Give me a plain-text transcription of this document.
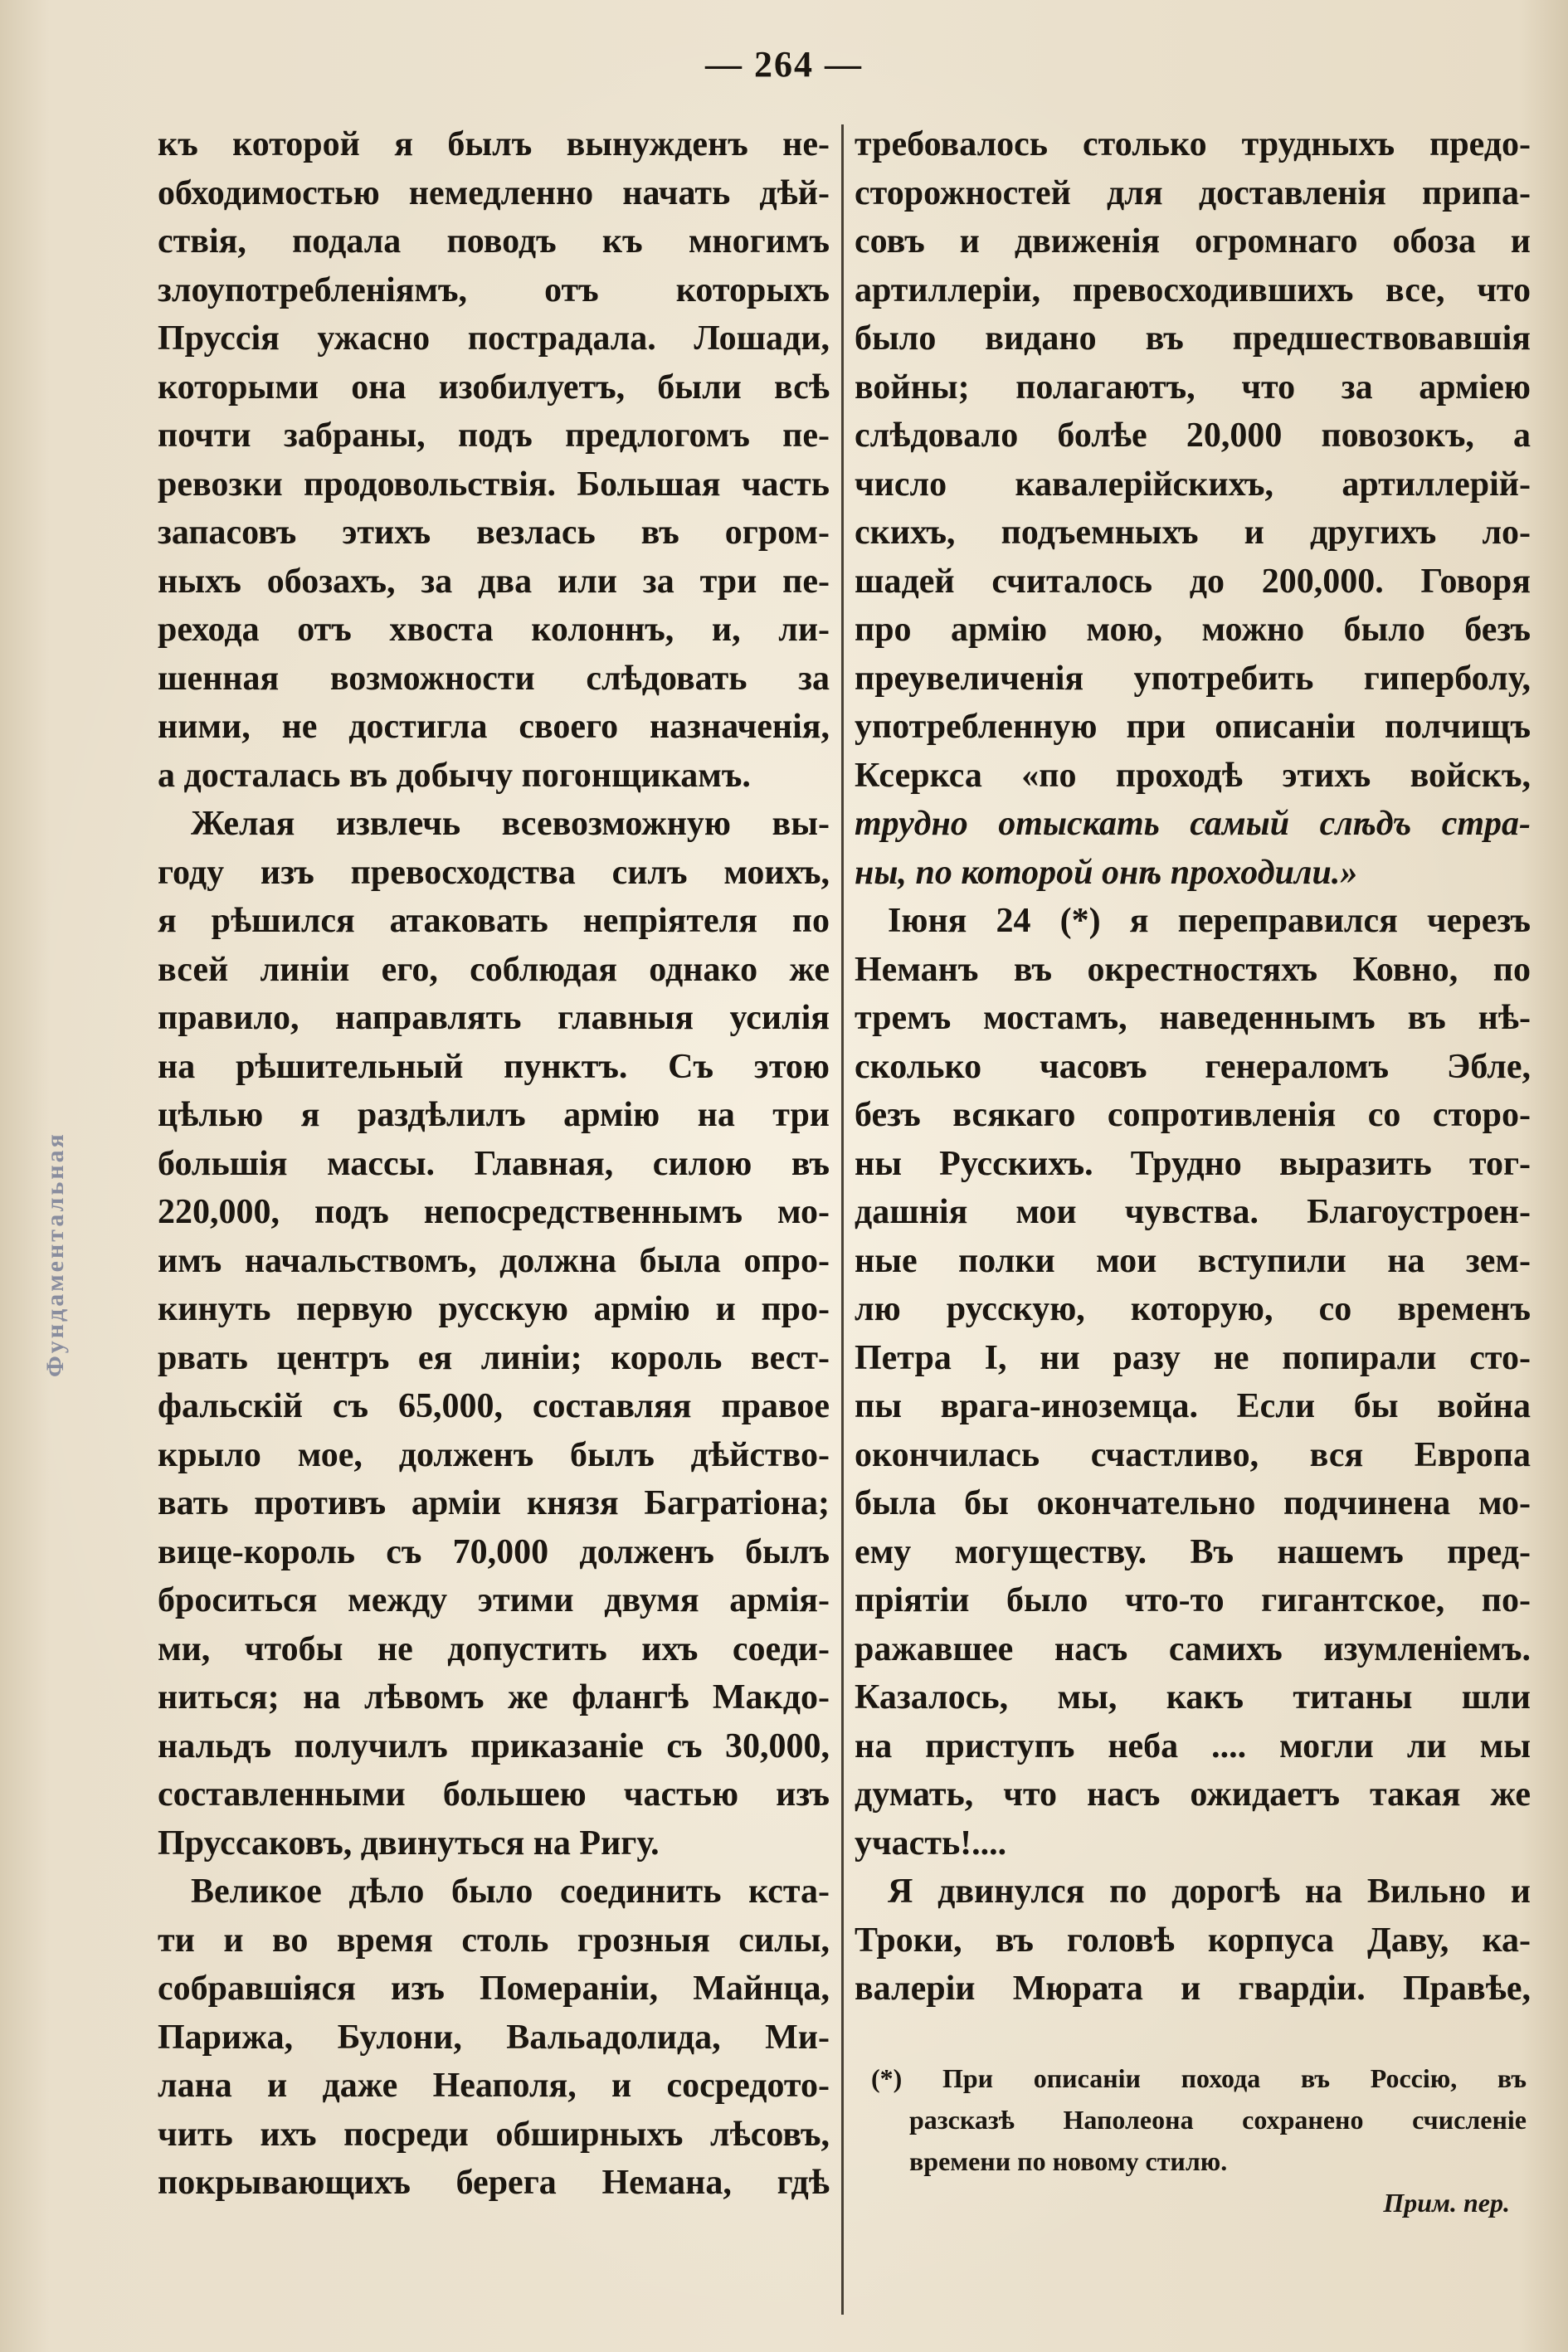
— 264 —
Фундаментальная
къ которой я былъ вынужденъ не-
обходимостью немедленно начать дѣй-
ствія, подала поводъ къ многимъ
злоупотребленіямъ, отъ которыхъ
Пруссія ужасно пострадала. Лошади,
которыми она изобилуетъ, были всѣ
почти забраны, подъ предлогомъ пе-
ревозки продовольствія. Большая часть
запасовъ этихъ везлась въ огром-
ныхъ обозахъ, за два или за три пе-
рехода отъ хвоста колоннъ, и, ли-
шенная возможности слѣдовать за
ними, не достигла своего назначенія,
а досталась въ добычу погонщикамъ.
Желая извлечь всевозможную вы-
году изъ превосходства силъ моихъ,
я рѣшился атаковать непріятеля по
всей линіи его, соблюдая однако же
правило, направлять главныя усилія
на рѣшительный пунктъ. Съ этою
цѣлью я раздѣлилъ армію на три
большія массы. Главная, силою въ
220,000, подъ непосредственнымъ мо-
имъ начальствомъ, должна была опро-
кинуть первую русскую армію и про-
рвать центръ ея линіи; король вест-
фальскій съ 65,000, составляя правое
крыло мое, долженъ былъ дѣйство-
вать противъ арміи князя Багратіона;
вице-король съ 70,000 долженъ былъ
броситься между этими двумя армія-
ми, чтобы не допустить ихъ соеди-
ниться; на лѣвомъ же флангѣ Макдо-
нальдъ получилъ приказаніе съ 30,000,
составленными большею частью изъ
Пруссаковъ, двинуться на Ригу.
Великое дѣло было соединить кста-
ти и во время столь грозныя силы,
собравшіяся изъ Помераніи, Майнца,
Парижа, Булони, Вальадолида, Ми-
лана и даже Неаполя, и сосредото-
чить ихъ посреди обширныхъ лѣсовъ,
покрывающихъ берега Немана, гдѣ
требовалось столько трудныхъ предо-
сторожностей для доставленія припа-
совъ и движенія огромнаго обоза и
артиллеріи, превосходившихъ все, что
было видано въ предшествовавшія
войны; полагаютъ, что за арміею
слѣдовало болѣе 20,000 повозокъ, а
число кавалерійскихъ, артиллерій-
скихъ, подъемныхъ и другихъ ло-
шадей считалось до 200,000. Говоря
про армію мою, можно было безъ
преувеличенія употребить гиперболу,
употребленную при описаніи полчищъ
Ксеркса «по проходѣ этихъ войскъ,
трудно отыскать самый слѣдъ стра-
ны, по которой онѣ проходили.»
Іюня 24 (*) я переправился черезъ
Неманъ въ окрестностяхъ Ковно, по
тремъ мостамъ, наведеннымъ въ нѣ-
сколько часовъ генераломъ Эбле,
безъ всякаго сопротивленія со сторо-
ны Русскихъ. Трудно выразить тог-
дашнія мои чувства. Благоустроен-
ные полки мои вступили на зем-
лю русскую, которую, со временъ
Петра I, ни разу не попирали сто-
пы врага-иноземца. Если бы война
окончилась счастливо, вся Европа
была бы окончательно подчинена мо-
ему могуществу. Въ нашемъ пред-
пріятіи было что-то гигантское, по-
ражавшее насъ самихъ изумленіемъ.
Казалось, мы, какъ титаны шли
на приступъ неба .... могли ли мы
думать, что насъ ожидаетъ такая же
участь!....
Я двинулся по дорогѣ на Вильно и
Троки, въ головѣ корпуса Даву, ка-
валеріи Мюрата и гвардіи. Правѣе,
(*) При описаніи похода въ Россію, въ
разсказѣ Наполеона сохранено счисленіе
времени по новому стилю.
Прим. пер.
